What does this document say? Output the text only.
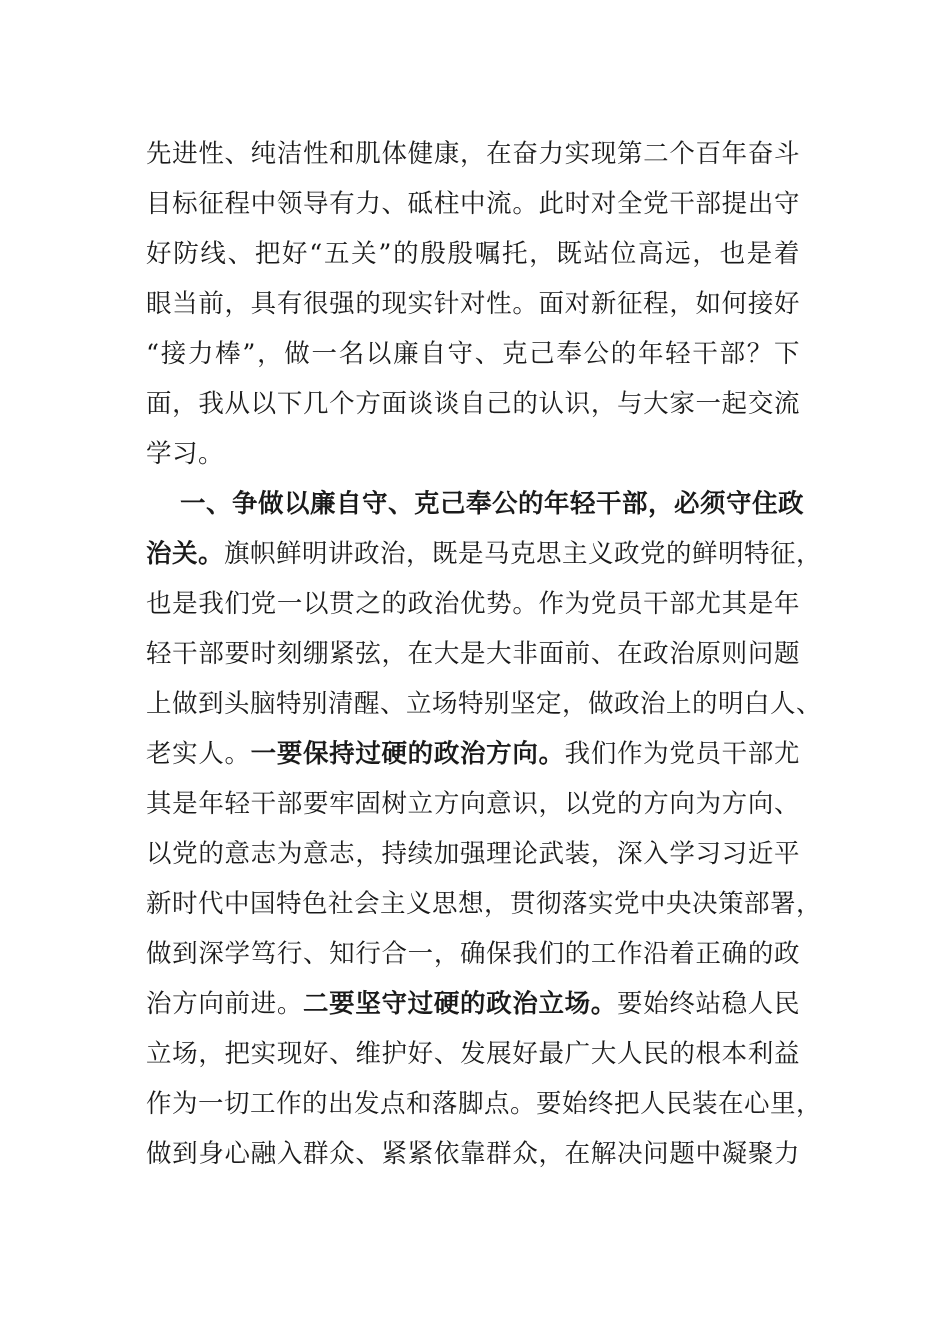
先进性、纯洁性和肌体健康，在奋力实现第二个百年奋斗
目标征程中领导有力、砥柱中流。此时对全党干部提出守
好防线、把好“五关”的殷殷嘱托，既站位高远，也是着
眼当前，具有很强的现实针对性。面对新征程，如何接好
“接力棒”，做一名以廉自守、克己奉公的年轻干部？下
面，我从以下几个方面谈谈自己的认识，与大家一起交流
学习。
一、争做以廉自守、克己奉公的年轻干部，必须守住政
治关。旗帜鲜明讲政治，既是马克思主义政党的鲜明特征，
也是我们党一以贯之的政治优势。作为党员干部尤其是年
轻干部要时刻绷紧弦，在大是大非面前、在政治原则问题
上做到头脑特别清醒、立场特别坚定，做政治上的明白人、
老实人。一要保持过硬的政治方向。我们作为党员干部尤
其是年轻干部要牢固树立方向意识，以党的方向为方向、
以党的意志为意志，持续加强理论武装，深入学习习近平
新时代中国特色社会主义思想，贯彻落实党中央决策部署，
做到深学笃行、知行合一，确保我们的工作沿着正确的政
治方向前进。二要坚守过硬的政治立场。要始终站稳人民
立场，把实现好、维护好、发展好最广大人民的根本利益
作为一切工作的出发点和落脚点。要始终把人民装在心里，
做到身心融入群众、紧紧依靠群众，在解决问题中凝聚力
